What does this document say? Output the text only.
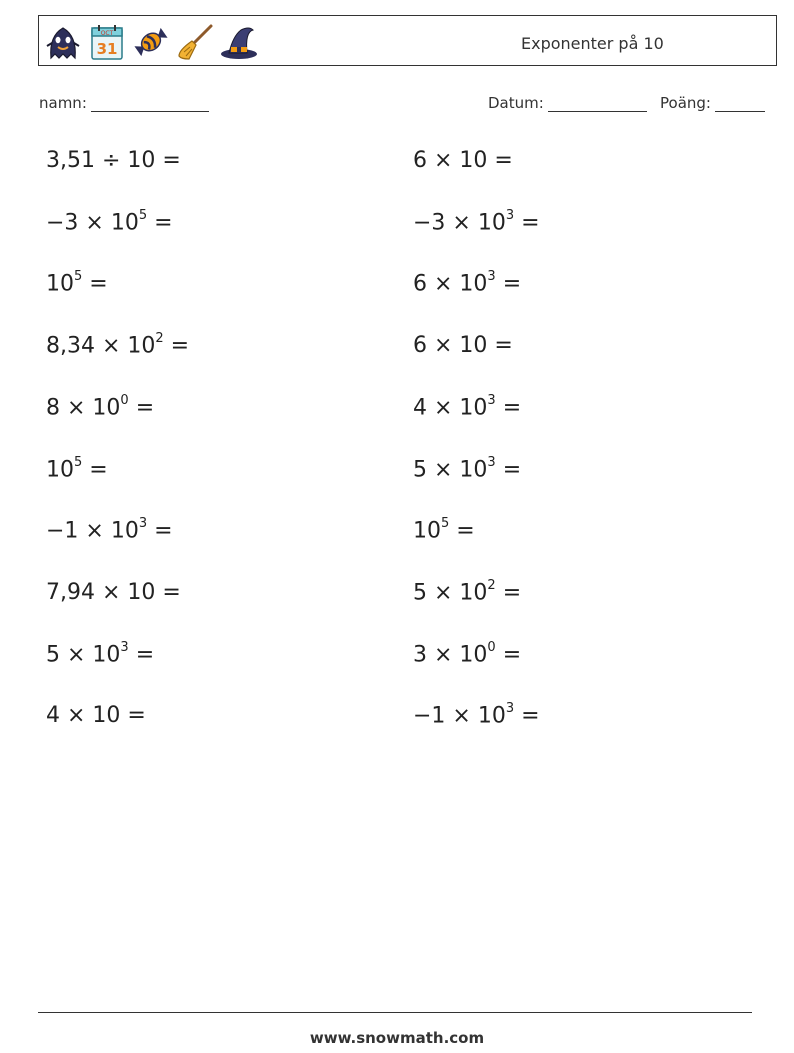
OCT
31	Exponenter på 10
namn:	Datum:	Poäng:
3,51 ÷ 10 =
$-3 \times 10^5$ =
$10^5$ =
$8,34 \times 10^2$ =
$8 \times 10^0$ =
$10^5$ =
$-1 \times 10^3$ =
7,94 × 10 =
$5 \times 10^3$ =
4 × 10 =
6 × 10 =
$-3 \times 10^3$ =
$6 \times 10^3$ =
6 × 10 =
$4 \times 10^3$ =
$5 \times 10^3$ =
$10^5$ =
$5 \times 10^2$ =
$3 \times 10^0$ =
$-1 \times 10^3$ =
www.snowmath.com
